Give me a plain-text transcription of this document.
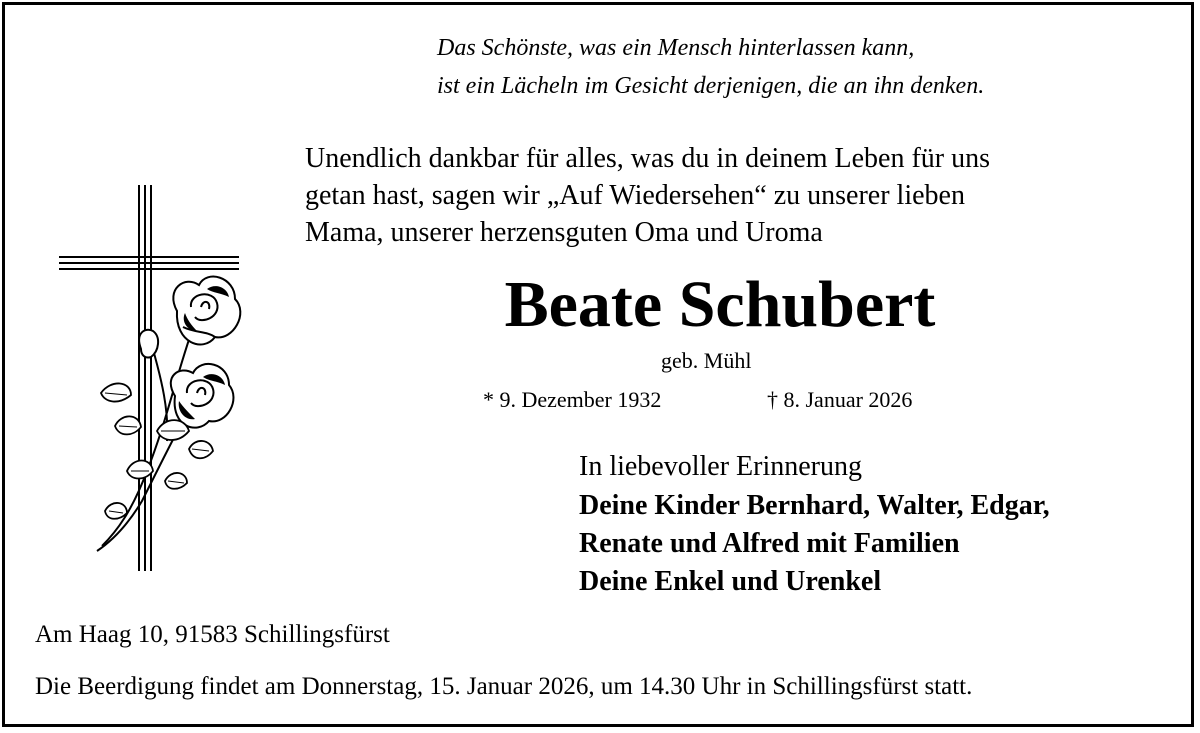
Das Schönste, was ein Mensch hinterlassen kann,

ist ein Lächeln im Gesicht derjenigen, die an ihn denken.

Unendlich dankbar für alles, was du in deinem Leben für uns

getan hast, sagen wir „Auf Wiedersehen“ zu unserer lieben

Mama, unserer herzensguten Oma und Uroma

Beate Schubert

geb. Mühl

* 9. Dezember 1932	† 8. Januar 2026

In liebevoller Erinnerung

Deine Kinder Bernhard, Walter, Edgar,

Renate und Alfred mit Familien

Deine Enkel und Urenkel

Am Haag 10, 91583 Schillingsfürst

Die Beerdigung findet am Donnerstag, 15. Januar 2026, um 14.30 Uhr in Schillingsfürst statt.
